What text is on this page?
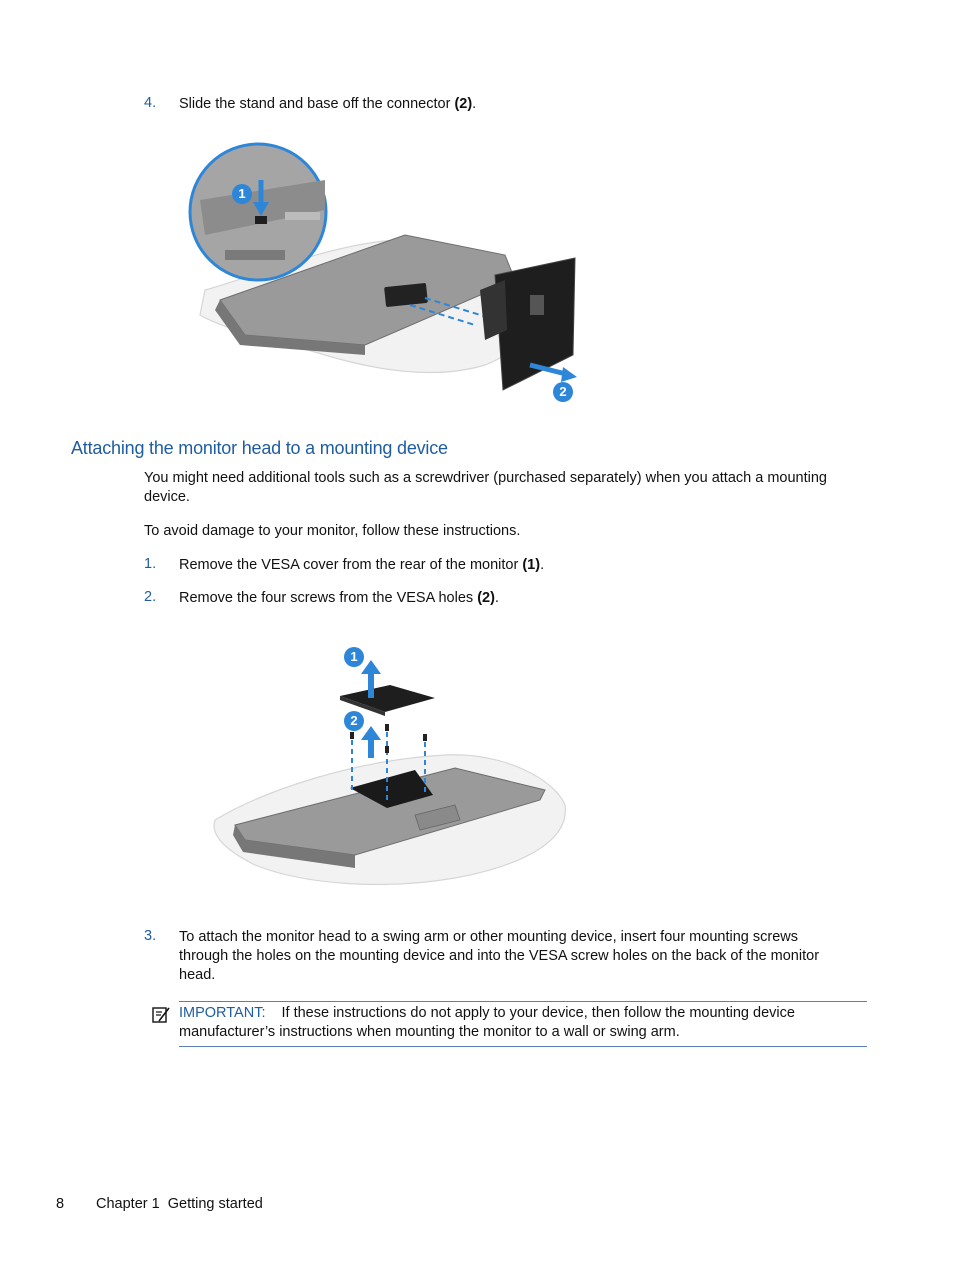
4. Slide the stand and base off the connector (2).
1
2
Attaching the monitor head to a mounting device
You might need additional tools such as a screwdriver (purchased separately) when you attach a mounting device.
To avoid damage to your monitor, follow these instructions.
1. Remove the VESA cover from the rear of the monitor (1).
2. Remove the four screws from the VESA holes (2).
1
2
3. To attach the monitor head to a swing arm or other mounting device, insert four mounting screws through the holes on the mounting device and into the VESA screw holes on the back of the monitor head.
IMPORTANT: If these instructions do not apply to your device, then follow the mounting device manufacturer’s instructions when mounting the monitor to a wall or swing arm.
8 Chapter 1  Getting started
